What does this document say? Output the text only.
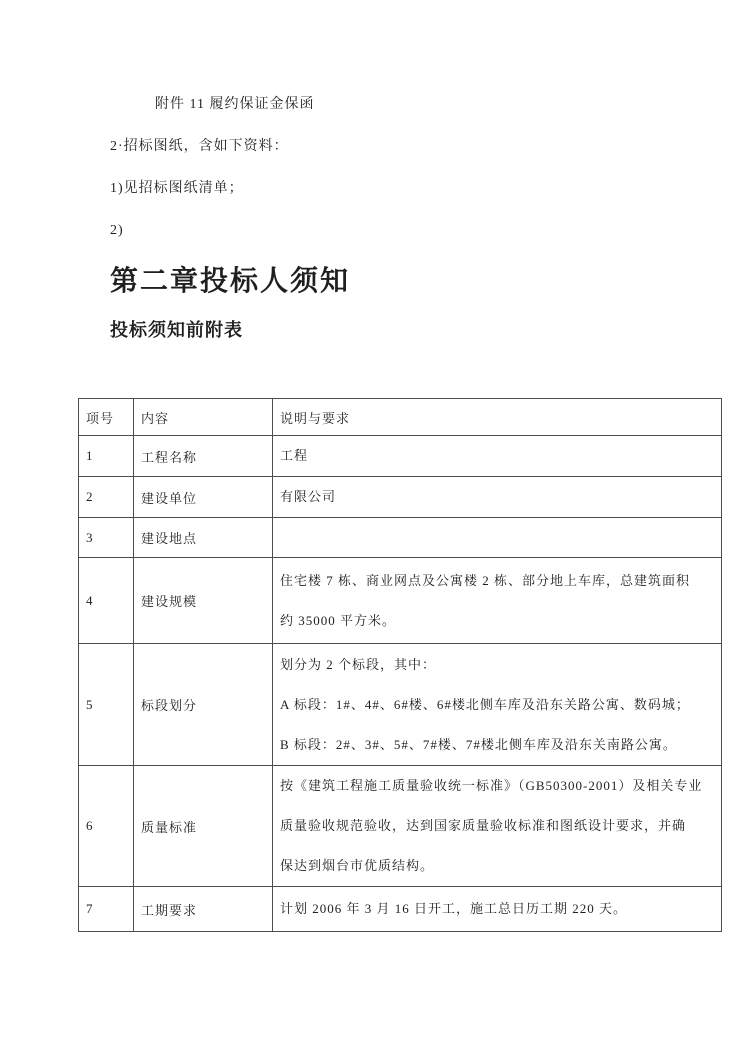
附件 11 履约保证金保函
2·招标图纸，含如下资料：
1)见招标图纸清单；
2)
第二章投标人须知
投标须知前附表
项号	内容	说明与要求
1	工程名称	工程

2	建设单位	有限公司

3	建设地点	

4	建设规模	住宅楼 7 栋、商业网点及公寓楼 2 栋、部分地上车库，总建筑面积
约 35000 平方米。

5	标段划分	划分为 2 个标段，其中：
A 标段：1#、4#、6#楼、6#楼北侧车库及沿东关路公寓、数码城；
B 标段：2#、3#、5#、7#楼、7#楼北侧车库及沿东关南路公寓。

6	质量标准	按《建筑工程施工质量验收统一标准》（GB50300-2001）及相关专业
质量验收规范验收，达到国家质量验收标准和图纸设计要求，并确
保达到烟台市优质结构。

7	工期要求	计划 2006 年 3 月 16 日开工，施工总日历工期 220 天。
